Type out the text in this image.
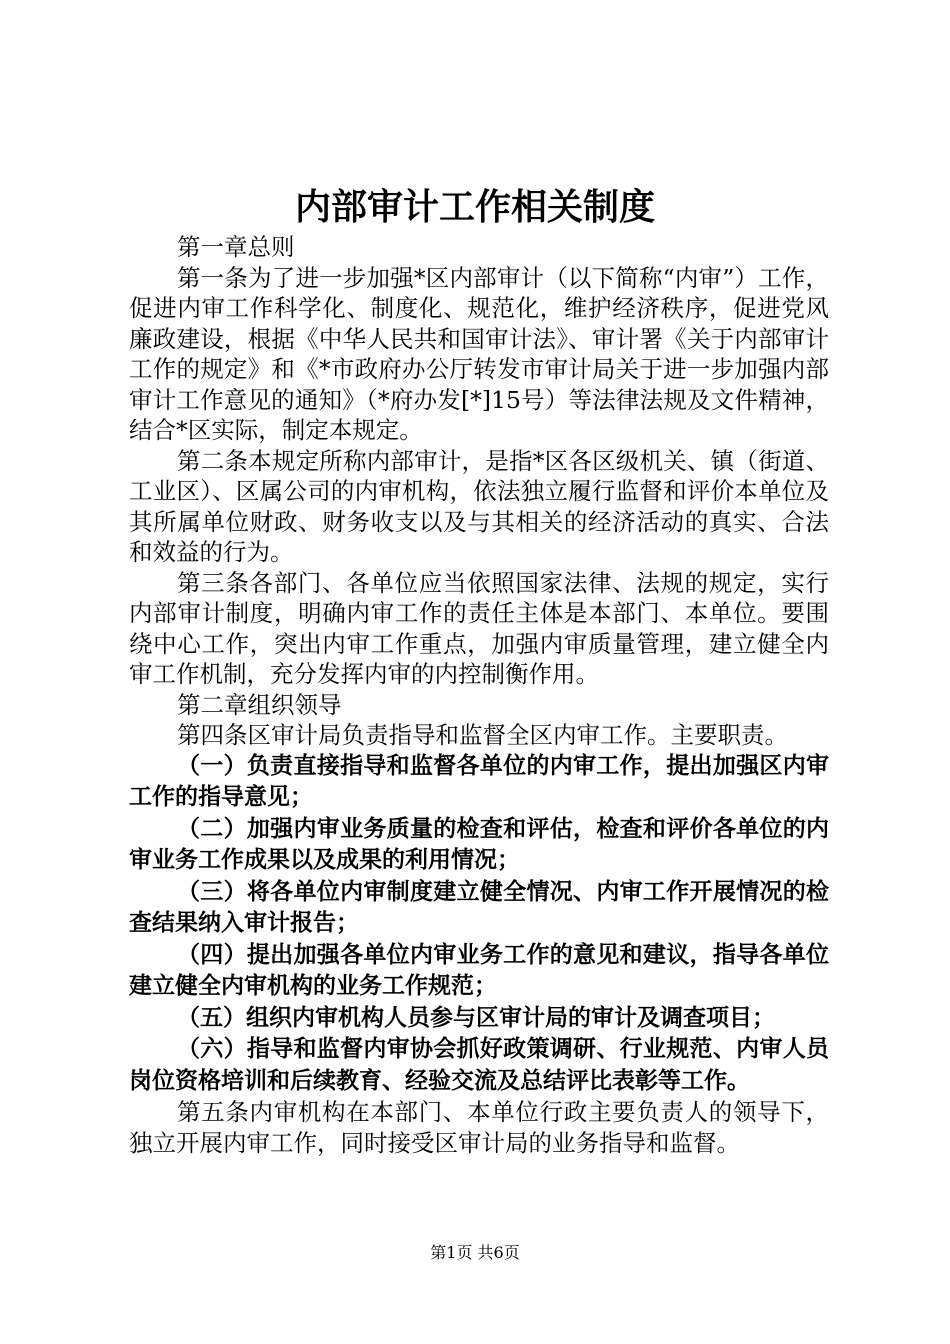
内部审计工作相关制度

第一章总则

第一条为了进一步加强*区内部审计（以下简称“内审”）工作，促进内审工作科学化、制度化、规范化，维护经济秩序，促进党风廉政建设，根据《中华人民共和国审计法》、审计署《关于内部审计工作的规定》和《*市政府办公厅转发市审计局关于进一步加强内部审计工作意见的通知》（*府办发[*]15号）等法律法规及文件精神，结合*区实际，制定本规定。

第二条本规定所称内部审计，是指*区各区级机关、镇（街道、工业区）、区属公司的内审机构，依法独立履行监督和评价本单位及其所属单位财政、财务收支以及与其相关的经济活动的真实、合法和效益的行为。

第三条各部门、各单位应当依照国家法律、法规的规定，实行内部审计制度，明确内审工作的责任主体是本部门、本单位。要围绕中心工作，突出内审工作重点，加强内审质量管理，建立健全内审工作机制，充分发挥内审的内控制衡作用。

第二章组织领导

第四条区审计局负责指导和监督全区内审工作。主要职责。

（一）负责直接指导和监督各单位的内审工作，提出加强区内审工作的指导意见；

（二）加强内审业务质量的检查和评估，检查和评价各单位的内审业务工作成果以及成果的利用情况；

（三）将各单位内审制度建立健全情况、内审工作开展情况的检查结果纳入审计报告；

（四）提出加强各单位内审业务工作的意见和建议，指导各单位建立健全内审机构的业务工作规范；

（五）组织内审机构人员参与区审计局的审计及调查项目；

（六）指导和监督内审协会抓好政策调研、行业规范、内审人员岗位资格培训和后续教育、经验交流及总结评比表彰等工作。

第五条内审机构在本部门、本单位行政主要负责人的领导下，独立开展内审工作，同时接受区审计局的业务指导和监督。

第1页 共6页
